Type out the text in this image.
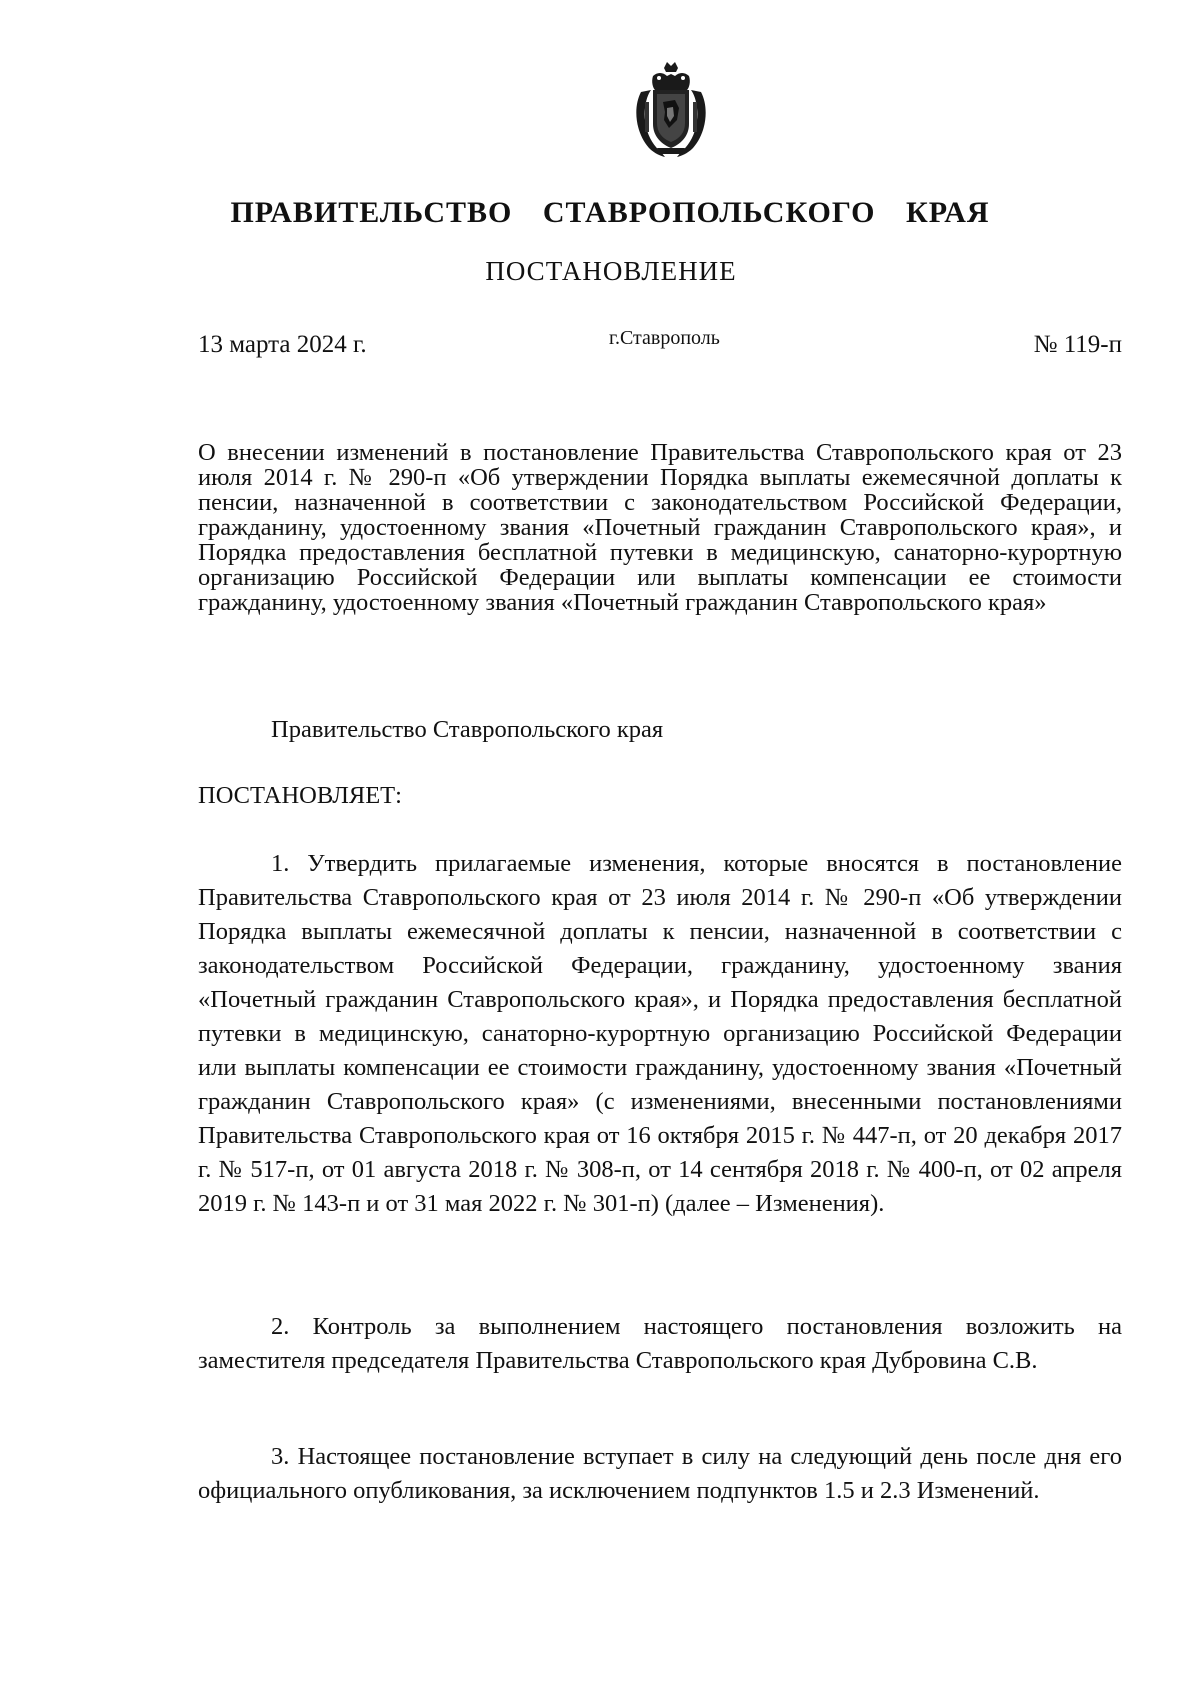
ПРАВИТЕЛЬСТВО СТАВРОПОЛЬСКОГО КРАЯ
ПОСТАНОВЛЕНИЕ
13 марта 2024 г.	г.Ставрополь	№ 119-п
О внесении изменений в постановление Правительства Ставропольского края от 23 июля 2014 г. № 290-п «Об утверждении Порядка выплаты ежемесячной доплаты к пенсии, назначенной в соответствии с законодательством Российской Федерации, гражданину, удостоенному звания «Почетный гражданин Ставропольского края», и Порядка предоставления бесплатной путевки в медицинскую, санаторно-курортную организацию Российской Федерации или выплаты компенсации ее стоимости гражданину, удостоенному звания «Почетный гражданин Ставропольского края»
Правительство Ставропольского края
ПОСТАНОВЛЯЕТ:
1. Утвердить прилагаемые изменения, которые вносятся в постановление Правительства Ставропольского края от 23 июля 2014 г. № 290-п «Об утверждении Порядка выплаты ежемесячной доплаты к пенсии, назначенной в соответствии с законодательством Российской Федерации, гражданину, удостоенному звания «Почетный гражданин Ставропольского края», и Порядка предоставления бесплатной путевки в медицинскую, санаторно-курортную организацию Российской Федерации или выплаты компенсации ее стоимости гражданину, удостоенному звания «Почетный гражданин Ставропольского края» (с изменениями, внесенными постановлениями Правительства Ставропольского края от 16 октября 2015 г. № 447-п, от 20 декабря 2017 г. № 517-п, от 01 августа 2018 г. № 308-п, от 14 сентября 2018 г. № 400-п, от 02 апреля 2019 г. № 143-п и от 31 мая 2022 г. № 301-п) (далее – Изменения).
2. Контроль за выполнением настоящего постановления возложить на заместителя председателя Правительства Ставропольского края Дубровина С.В.
3. Настоящее постановление вступает в силу на следующий день после дня его официального опубликования, за исключением подпунктов 1.5 и 2.3 Изменений.
